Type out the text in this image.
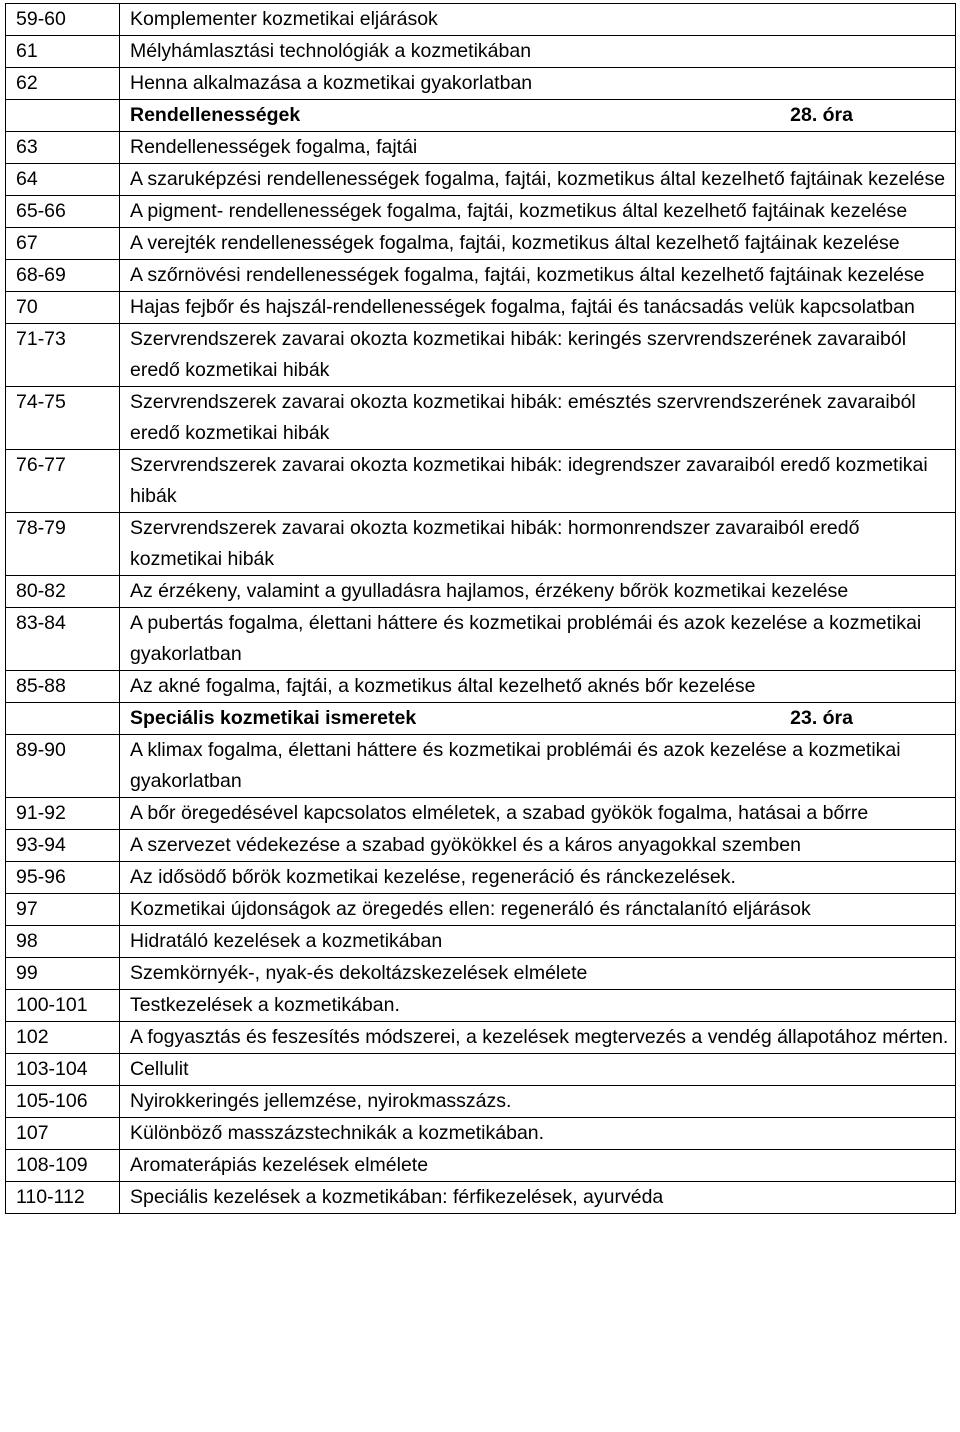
59-60	Komplementer kozmetikai eljárások
61	Mélyhámlasztási technológiák a kozmetikában
62	Henna alkalmazása a kozmetikai gyakorlatban

	Rendellenességek 28. óra

63	Rendellenességek fogalma, fajtái
64	A szaruképzési rendellenességek fogalma, fajtái, kozmetikus által kezelhető fajtáinak kezelése
65-66	A pigment- rendellenességek fogalma, fajtái, kozmetikus által kezelhető fajtáinak kezelése
67	A verejték rendellenességek fogalma, fajtái, kozmetikus által kezelhető fajtáinak kezelése
68-69	A szőrnövési rendellenességek fogalma, fajtái, kozmetikus által kezelhető fajtáinak kezelése
70	Hajas fejbőr és hajszál-rendellenességek fogalma, fajtái és tanácsadás velük kapcsolatban
71-73	Szervrendszerek zavarai okozta kozmetikai hibák: keringés szervrendszerének zavaraiból eredő kozmetikai hibák
74-75	Szervrendszerek zavarai okozta kozmetikai hibák: emésztés szervrendszerének zavaraiból eredő kozmetikai hibák
76-77	Szervrendszerek zavarai okozta kozmetikai hibák: idegrendszer zavaraiból eredő kozmetikai hibák
78-79	Szervrendszerek zavarai okozta kozmetikai hibák: hormonrendszer zavaraiból eredő kozmetikai hibák
80-82	Az érzékeny, valamint a gyulladásra hajlamos, érzékeny bőrök kozmetikai kezelése
83-84	A pubertás fogalma, élettani háttere és kozmetikai problémái és azok kezelése a kozmetikai gyakorlatban
85-88	Az akné fogalma, fajtái, a kozmetikus által kezelhető aknés bőr kezelése

	Speciális kozmetikai ismeretek 23. óra

89-90	A klimax fogalma, élettani háttere és kozmetikai problémái és azok kezelése a kozmetikai gyakorlatban
91-92	A bőr öregedésével kapcsolatos elméletek, a szabad gyökök fogalma, hatásai a bőrre
93-94	A szervezet védekezése a szabad gyökökkel és a káros anyagokkal szemben
95-96	Az idősödő bőrök kozmetikai kezelése, regeneráció és ránckezelések.
97	Kozmetikai újdonságok az öregedés ellen: regeneráló és ránctalanító eljárások
98	Hidratáló kezelések a kozmetikában
99	Szemkörnyék-, nyak-és dekoltázskezelések elmélete
100-101	Testkezelések a kozmetikában.
102	A fogyasztás és feszesítés módszerei, a kezelések megtervezés a vendég állapotához mérten.
103-104	Cellulit
105-106	Nyirokkeringés jellemzése, nyirokmasszázs.
107	Különböző masszázstechnikák a kozmetikában.
108-109	Aromaterápiás kezelések elmélete
110-112	Speciális kezelések a kozmetikában: férfikezelések, ayurvéda
